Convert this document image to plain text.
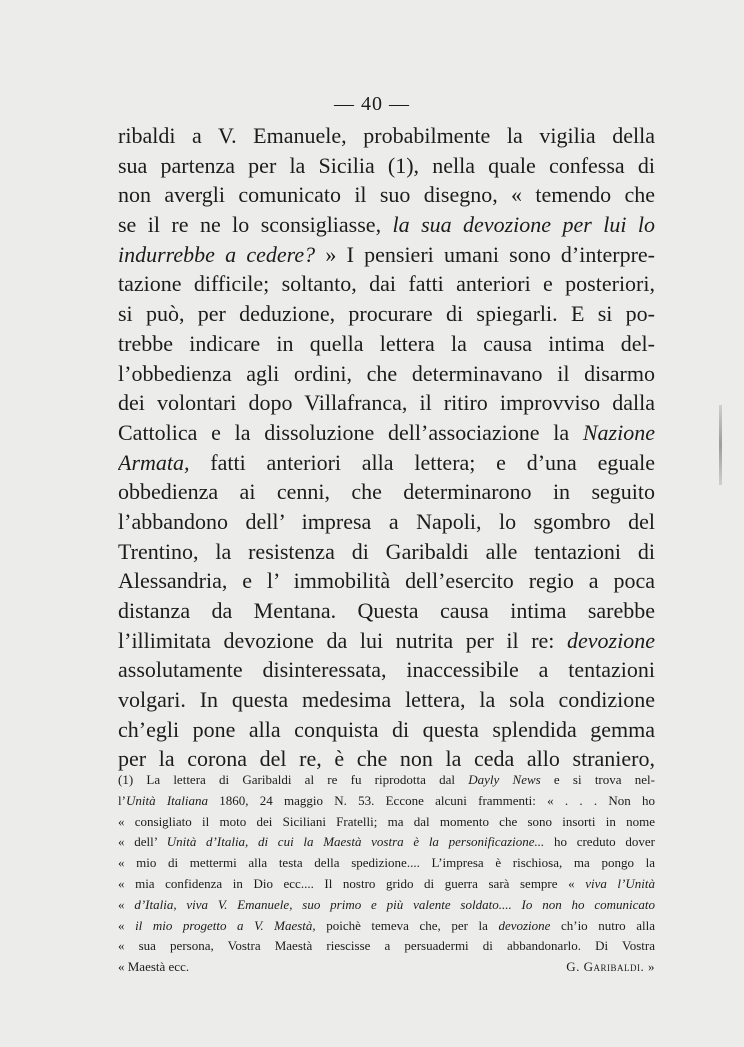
— 40 —
ribaldi a V. Emanuele, probabilmente la vigilia della
sua partenza per la Sicilia (1), nella quale confessa di
non avergli comunicato il suo disegno, « temendo che
se il re ne lo sconsigliasse, la sua devozione per lui lo
indurrebbe a cedere? » I pensieri umani sono d’interpre-
tazione difficile; soltanto, dai fatti anteriori e posteriori,
si può, per deduzione, procurare di spiegarli. E si po-
trebbe indicare in quella lettera la causa intima del-
l’obbedienza agli ordini, che determinavano il disarmo
dei volontari dopo Villafranca, il ritiro improvviso dalla
Cattolica e la dissoluzione dell’associazione la Nazione
Armata, fatti anteriori alla lettera; e d’una eguale
obbedienza ai cenni, che determinarono in seguito
l’abbandono dell’ impresa a Napoli, lo sgombro del
Trentino, la resistenza di Garibaldi alle tentazioni di
Alessandria, e l’ immobilità dell’esercito regio a poca
distanza da Mentana. Questa causa intima sarebbe
l’illimitata devozione da lui nutrita per il re: devozione
assolutamente disinteressata, inaccessibile a tentazioni
volgari. In questa medesima lettera, la sola condizione
ch’egli pone alla conquista di questa splendida gemma
per la corona del re, è che non la ceda allo straniero,
(1) La lettera di Garibaldi al re fu riprodotta dal Dayly News e si trova nel-
l’Unità Italiana 1860, 24 maggio N. 53. Eccone alcuni frammenti: « . . . Non ho
« consigliato il moto dei Siciliani Fratelli; ma dal momento che sono insorti in nome
« dell’ Unità d’Italia, di cui la Maestà vostra è la personificazione... ho creduto dover
« mio di mettermi alla testa della spedizione.... L’impresa è rischiosa, ma pongo la
« mia confidenza in Dio ecc.... Il nostro grido di guerra sarà sempre « viva l’Unità
« d’Italia, viva V. Emanuele, suo primo e più valente soldato.... Io non ho comunicato
« il mio progetto a V. Maestà, poichè temeva che, per la devozione ch’io nutro alla
« sua persona, Vostra Maestà riescisse a persuadermi di abbandonarlo. Di Vostra
« Maestà ecc.	G. Garibaldi. »
